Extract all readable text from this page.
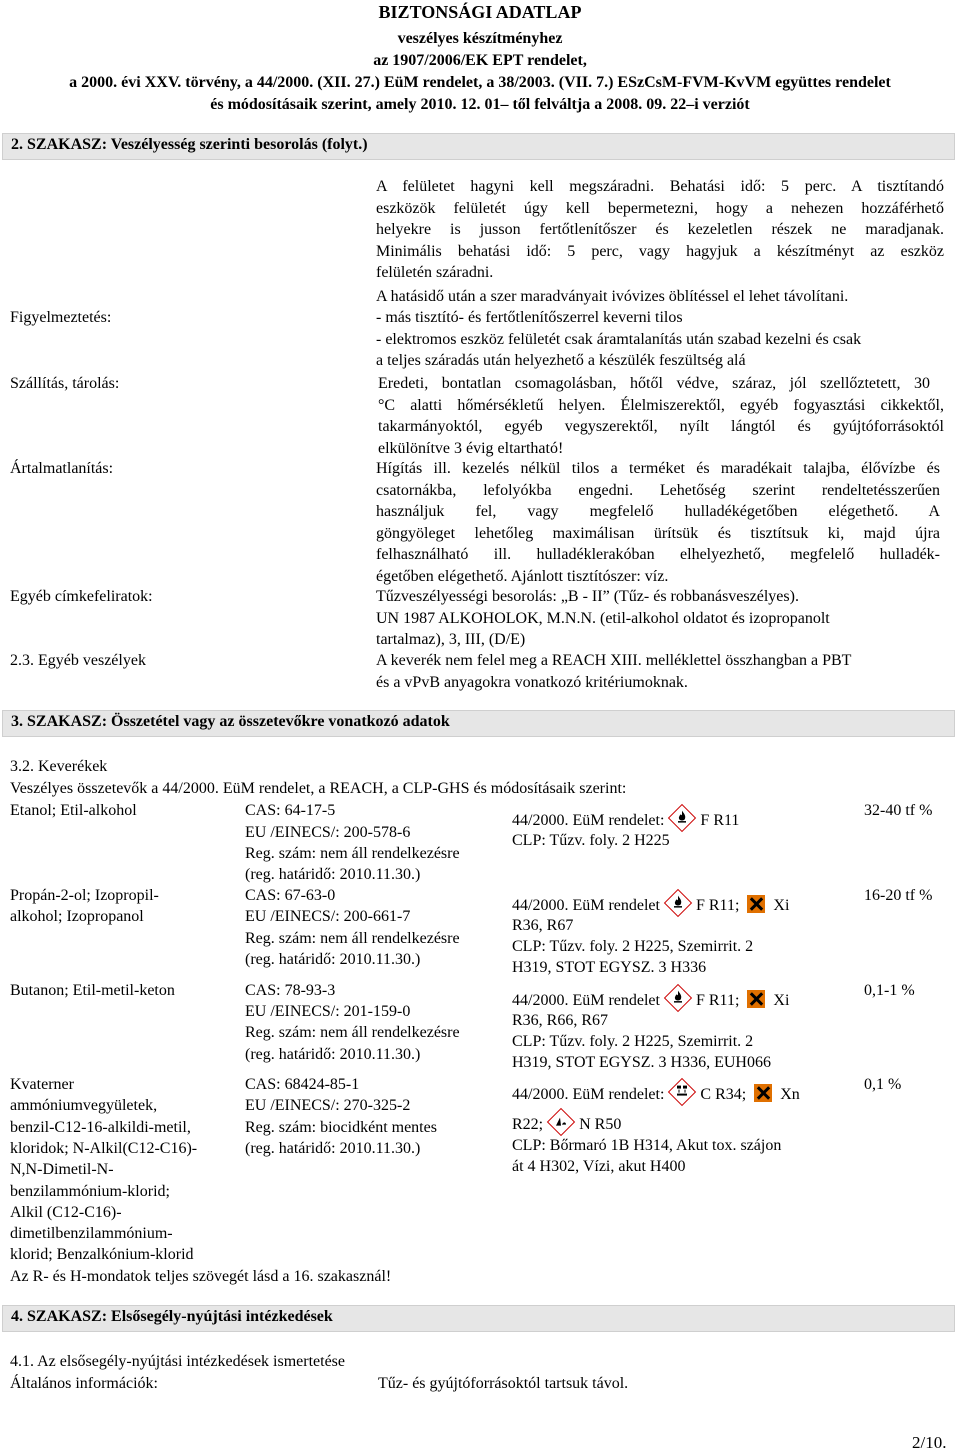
BIZTONSÁGI ADATLAP
veszélyes készítményhez
az 1907/2006/EK EPT rendelet,
a 2000. évi XXV. törvény, a 44/2000. (XII. 27.) EüM rendelet, a 38/2003. (VII. 7.) ESzCsM-FVM-KvVM együttes rendelet
és módosításaik szerint, amely 2010. 12. 01– től felváltja a 2008. 09. 22–i verziót
2. SZAKASZ: Veszélyesség szerinti besorolás (folyt.)
Figyelmeztetés:

A felületet hagyni kell megszáradni. Behatási idő: 5 perc. A tisztítandó

eszközök felületét úgy kell bepermetezni, hogy a nehezen hozzáférhető

helyekre is jusson fertőtlenítőszer és kezeletlen részek ne maradjanak.

Minimális behatási idő: 5 perc, vagy hagyjuk a készítményt az eszköz

felületén száradni.

A hatásidő után a szer maradványait ivóvizes öblítéssel el lehet távolítani.

- más tisztító- és fertőtlenítőszerrel keverni tilos

- elektromos eszköz felületét csak áramtalanítás után szabad kezelni és csak

a teljes száradás után helyezhető a készülék feszültség alá

Szállítás, tárolás:	Eredeti, bontatlan csomagolásban, hőtől védve, száraz, jól szellőztetett, 30

°C alatti hőmérsékletű helyen. Élelmiszerektől, egyéb fogyasztási cikkektől,

takarmányoktól, egyéb vegyszerektől, nyílt lángtól és gyújtóforrásoktól

elkülönítve 3 évig eltartható!

Ártalmatlanítás:	Hígítás ill. kezelés nélkül tilos a terméket és maradékait talajba, élővízbe és

csatornákba, lefolyókba engedni. Lehetőség szerint rendeltetésszerűen

használjuk fel, vagy megfelelő hulladékégetőben elégethető. A

göngyöleget lehetőleg maximálisan ürítsük és tisztítsuk ki, majd újra

felhasználható ill. hulladéklerakóban elhelyezhető, megfelelő hulladék-

égetőben elégethető. Ajánlott tisztítószer: víz.

Egyéb címkefeliratok:	Tűzveszélyességi besorolás: „B - II” (Tűz- és robbanásveszélyes).
UN 1987 ALKOHOLOK, M.N.N. (etil-alkohol oldatot és izopropanolt
tartalmaz), 3, III, (D/E)
2.3. Egyéb veszélyek	A keverék nem felel meg a REACH XIII. melléklettel összhangban a PBT
és a vPvB anyagokra vonatkozó kritériumoknak.
3. SZAKASZ: Összetétel vagy az összetevőkre vonatkozó adatok
3.2. Keverékek
Veszélyes összetevők a 44/2000. EüM rendelet, a REACH, a CLP-GHS és módosításaik szerint:
Etanol; Etil-alkohol	CAS: 64-17-5
EU /EINECS/: 200-578-6
Reg. szám: nem áll rendelkezésre
(reg. határidő: 2010.11.30.)
44/2000. EüM rendelet: F R11
CLP: Tűzv. foly. 2 H225
32-40 tf %
Propán-2-ol; Izopropil-
alkohol; Izopropanol
CAS: 67-63-0
EU /EINECS/: 200-661-7
Reg. szám: nem áll rendelkezésre
(reg. határidő: 2010.11.30.)
44/2000. EüM rendelet F R11; Xi
R36, R67
CLP: Tűzv. foly. 2 H225, Szemirrit. 2
H319, STOT EGYSZ. 3 H336
16-20 tf %
Butanon; Etil-metil-keton	CAS: 78-93-3
EU /EINECS/: 201-159-0
Reg. szám: nem áll rendelkezésre
(reg. határidő: 2010.11.30.)
44/2000. EüM rendelet F R11; Xi
R36, R66, R67
CLP: Tűzv. foly. 2 H225, Szemirrit. 2
H319, STOT EGYSZ. 3 H336, EUH066
0,1-1 %
Kvaterner
ammóniumvegyületek,
benzil-C12-16-alkildi-metil,
kloridok; N-Alkil(C12-C16)-
N,N-Dimetil-N-
benzilammónium-klorid;
Alkil (C12-C16)-
dimetilbenzilammónium-
klorid; Benzalkónium-klorid
CAS: 68424-85-1
EU /EINECS/: 270-325-2
Reg. szám: biocidként mentes
(reg. határidő: 2010.11.30.)
44/2000. EüM rendelet: C R34; Xn
R22; N R50
CLP: Bőrmaró 1B H314, Akut tox. szájon
át 4 H302, Vízi, akut H400
0,1 %
Az R- és H-mondatok teljes szövegét lásd a 16. szakasznál!
4. SZAKASZ: Elsősegély-nyújtási intézkedések
4.1. Az elsősegély-nyújtási intézkedések ismertetése
Általános információk:	Tűz- és gyújtóforrásoktól tartsuk távol.
2/10.
